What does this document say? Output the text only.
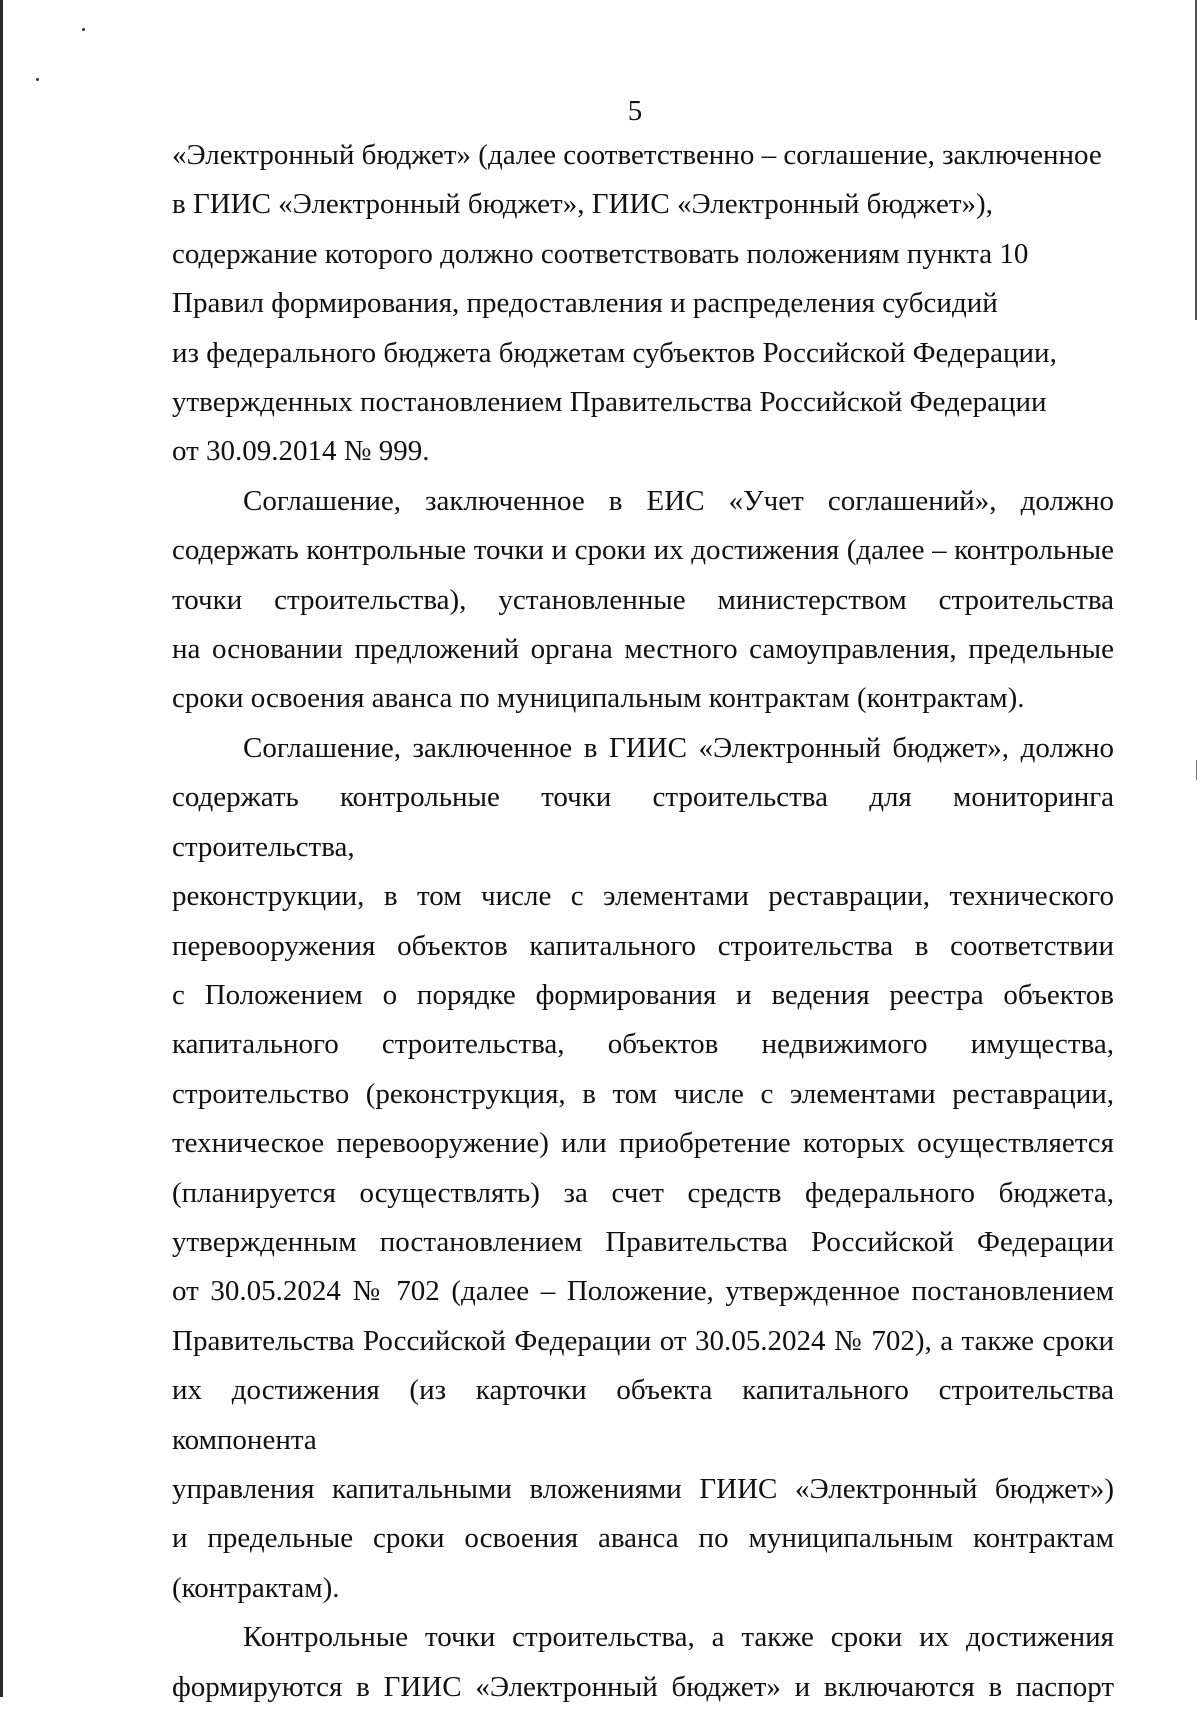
5

«Электронный бюджет» (далее соответственно – соглашение, заключенное
в ГИИС «Электронный бюджет», ГИИС «Электронный бюджет»),
содержание которого должно соответствовать положениям пункта 10
Правил формирования, предоставления и распределения субсидий
из федерального бюджета бюджетам субъектов Российской Федерации,
утвержденных постановлением Правительства Российской Федерации
от 30.09.2014 № 999.

Соглашение, заключенное в ЕИС «Учет соглашений», должно
содержать контрольные точки и сроки их достижения (далее – контрольные
точки строительства), установленные министерством строительства
на основании предложений органа местного самоуправления, предельные
сроки освоения аванса по муниципальным контрактам (контрактам).

Соглашение, заключенное в ГИИС «Электронный бюджет», должно
содержать контрольные точки строительства для мониторинга строительства,
реконструкции, в том числе с элементами реставрации, технического
перевооружения объектов капитального строительства в соответствии
с Положением о порядке формирования и ведения реестра объектов
капитального строительства, объектов недвижимого имущества,
строительство (реконструкция, в том числе с элементами реставрации,
техническое перевооружение) или приобретение которых осуществляется
(планируется осуществлять) за счет средств федерального бюджета,
утвержденным постановлением Правительства Российской Федерации
от 30.05.2024 № 702 (далее – Положение, утвержденное постановлением
Правительства Российской Федерации от 30.05.2024 № 702), а также сроки
их достижения (из карточки объекта капитального строительства компонента
управления капитальными вложениями ГИИС «Электронный бюджет»)
и предельные сроки освоения аванса по муниципальным контрактам
(контрактам).

Контрольные точки строительства, а также сроки их достижения
формируются в ГИИС «Электронный бюджет» и включаются в паспорт
